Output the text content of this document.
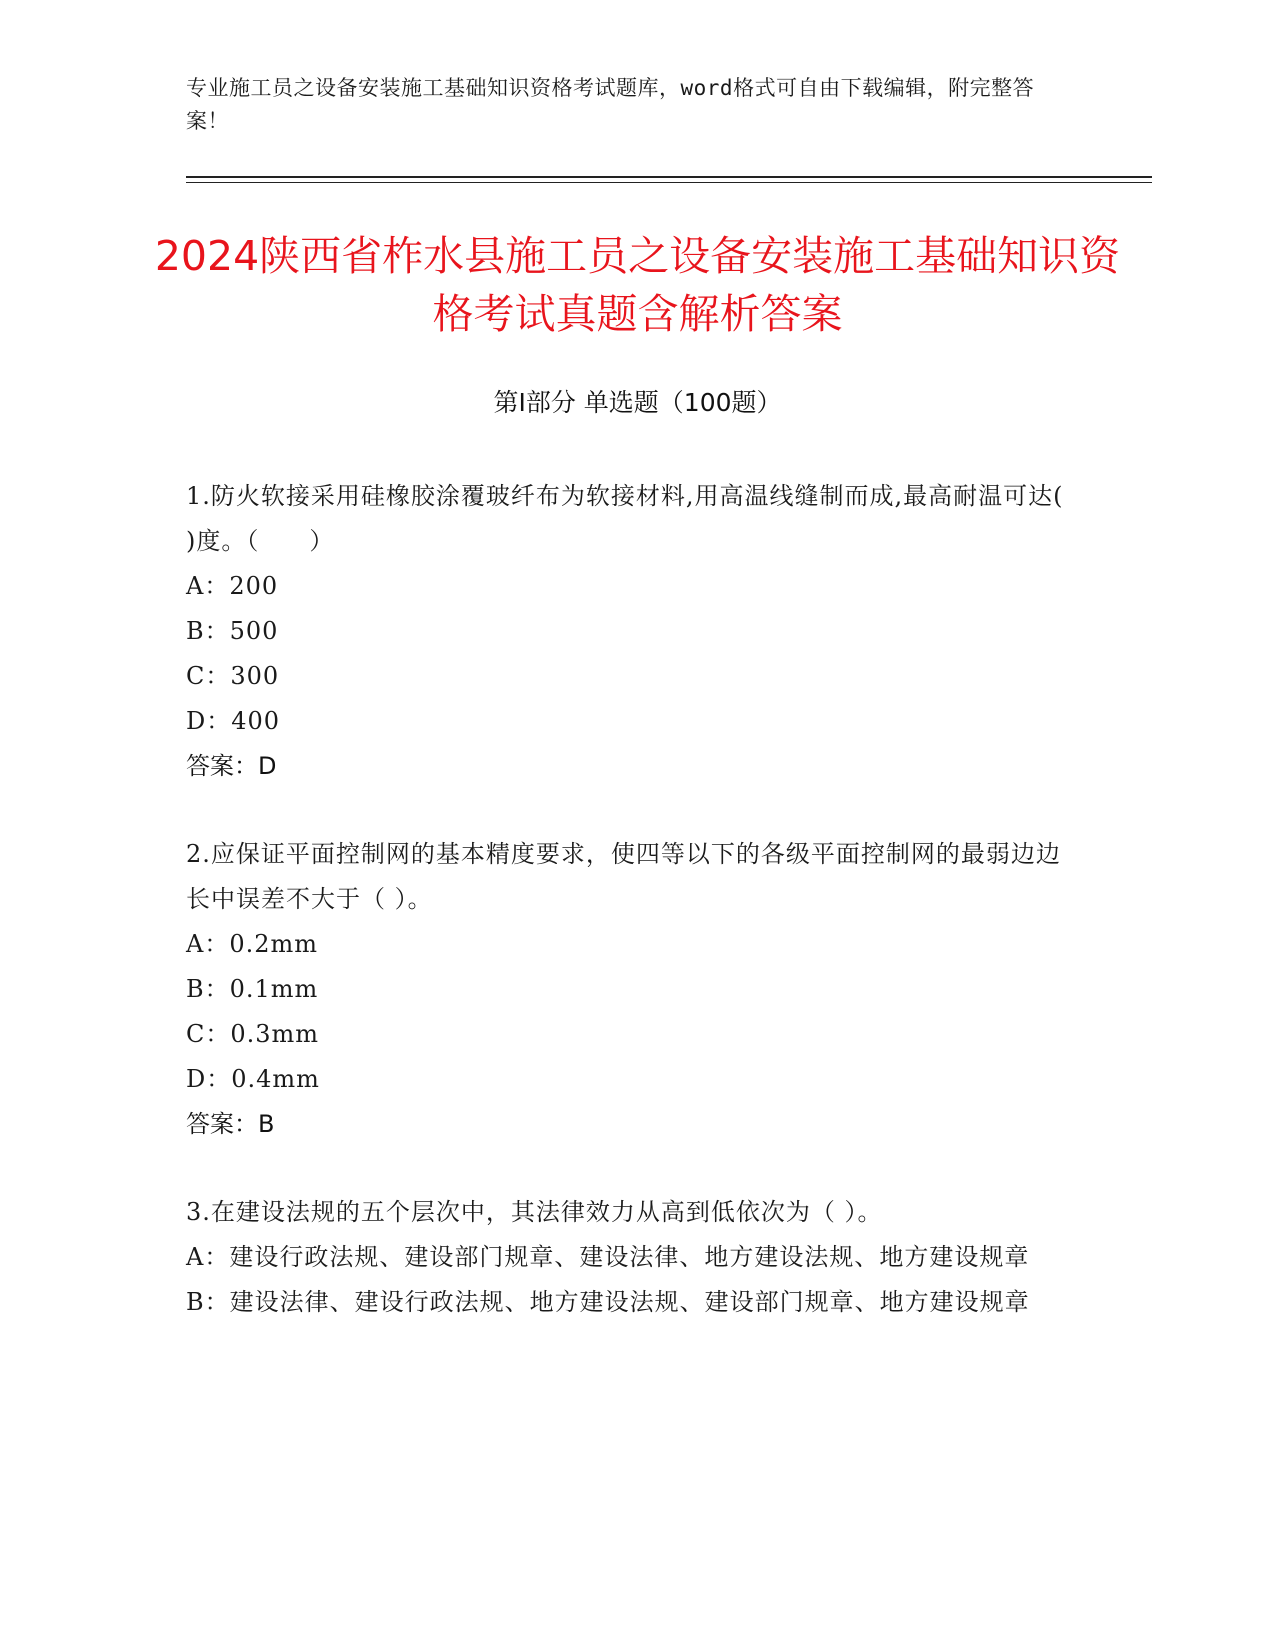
专业施工员之设备安装施工基础知识资格考试题库，word格式可自由下载编辑，附完整答案！
2024陕西省柞水县施工员之设备安装施工基础知识资格考试真题含解析答案
第Ⅰ部分 单选题（100题）
1.防火软接采用硅橡胶涂覆玻纤布为软接材料,用高温线缝制而成,最高耐温可达( )度。（　　）
A：200
B：500
C：300
D：400
答案：D
2.应保证平面控制网的基本精度要求，使四等以下的各级平面控制网的最弱边边长中误差不大于（ ）。
A：0.2mm
B：0.1mm
C：0.3mm
D：0.4mm
答案：B
3.在建设法规的五个层次中，其法律效力从高到低依次为（ ）。
A：建设行政法规、建设部门规章、建设法律、地方建设法规、地方建设规章
B：建设法律、建设行政法规、地方建设法规、建设部门规章、地方建设规章
